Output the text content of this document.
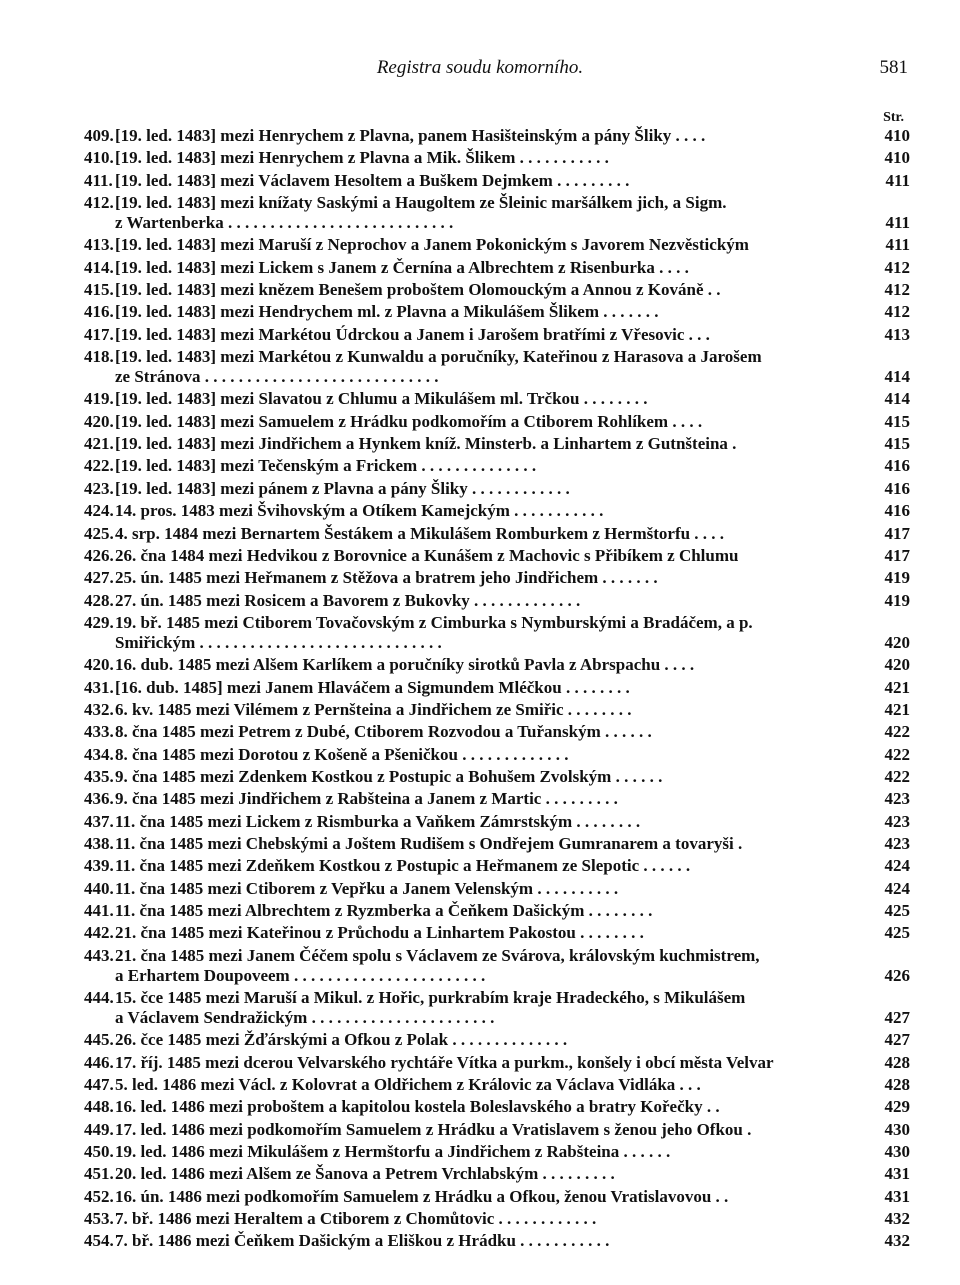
Registra soudu komorního.	581
Str.
409. [19. led. 1483] mezi Henrychem z Plavna, panem Hasišteinským a pány Šliky . . . .	410
410. [19. led. 1483] mezi Henrychem z Plavna a Mik. Šlikem . . . . . . . . . . .	410
411. [19. led. 1483] mezi Václavem Hesoltem a Buškem Dejmkem . . . . . . . . .	411
412. [19. led. 1483] mezi knížaty Saskými a Haugoltem ze Šleinic maršálkem jich, a Sigm.
z Wartenberka . . . . . . . . . . . . . . . . . . . . . . . . . . .	411
413. [19. led. 1483] mezi Maruší z Neprochov a Janem Pokonickým s Javorem Nezvěstickým	411
414. [19. led. 1483] mezi Lickem s Janem z Černína a Albrechtem z Risenburka . . . .	412
415. [19. led. 1483] mezi knězem Benešem proboštem Olomouckým a Annou z Kováně . .	412
416. [19. led. 1483] mezi Hendrychem ml. z Plavna a Mikulášem Šlikem . . . . . . .	412
417. [19. led. 1483] mezi Markétou Údrckou a Janem i Jarošem bratřími z Vřesovic . . .	413
418. [19. led. 1483] mezi Markétou z Kunwaldu a poručníky, Kateřinou z Harasova a Jarošem
ze Stránova . . . . . . . . . . . . . . . . . . . . . . . . . . . .	414
419. [19. led. 1483] mezi Slavatou z Chlumu a Mikulášem ml. Trčkou . . . . . . . .	414
420. [19. led. 1483] mezi Samuelem z Hrádku podkomořím a Ctiborem Rohlíkem . . . .	415
421. [19. led. 1483] mezi Jindřichem a Hynkem kníž. Minsterb. a Linhartem z Gutnšteina .	415
422. [19. led. 1483] mezi Tečenským a Frickem . . . . . . . . . . . . . .	416
423. [19. led. 1483] mezi pánem z Plavna a pány Šliky . . . . . . . . . . . .	416
424. 14. pros. 1483 mezi Švihovským a Otíkem Kamejckým . . . . . . . . . . .	416
425. 4. srp. 1484 mezi Bernartem Šestákem a Mikulášem Romburkem z Hermštorfu . . . .	417
426. 26. čna 1484 mezi Hedvikou z Borovnice a Kunášem z Machovic s Přibíkem z Chlumu	417
427. 25. ún. 1485 mezi Heřmanem z Stěžova a bratrem jeho Jindřichem . . . . . . .	419
428. 27. ún. 1485 mezi Rosicem a Bavorem z Bukovky . . . . . . . . . . . . .	419
429. 19. bř. 1485 mezi Ctiborem Tovačovským z Cimburka s Nymburskými a Bradáčem, a p.
Smiřickým . . . . . . . . . . . . . . . . . . . . . . . . . . . . .	420
420. 16. dub. 1485 mezi Alšem Karlíkem a poručníky sirotků Pavla z Abrspachu . . . .	420
431. [16. dub. 1485] mezi Janem Hlaváčem a Sigmundem Mléčkou . . . . . . . .	421
432. 6. kv. 1485 mezi Vilémem z Pernšteina a Jindřichem ze Smiřic . . . . . . . .	421
433. 8. čna 1485 mezi Petrem z Dubé, Ctiborem Rozvodou a Tuřanským . . . . . .	422
434. 8. čna 1485 mezi Dorotou z Košeně a Pšeničkou . . . . . . . . . . . . .	422
435. 9. čna 1485 mezi Zdenkem Kostkou z Postupic a Bohušem Zvolským . . . . . .	422
436. 9. čna 1485 mezi Jindřichem z Rabšteina a Janem z Martic . . . . . . . . .	423
437. 11. čna 1485 mezi Lickem z Rismburka a Vaňkem Zámrstským . . . . . . . .	423
438. 11. čna 1485 mezi Chebskými a Joštem Rudišem s Ondřejem Gumranarem a tovaryši .	423
439. 11. čna 1485 mezi Zdeňkem Kostkou z Postupic a Heřmanem ze Slepotic . . . . . .	424
440. 11. čna 1485 mezi Ctiborem z Vepřku a Janem Velenským . . . . . . . . . .	424
441. 11. čna 1485 mezi Albrechtem z Ryzmberka a Čeňkem Dašickým . . . . . . . .	425
442. 21. čna 1485 mezi Kateřinou z Průchodu a Linhartem Pakostou . . . . . . . .	425
443. 21. čna 1485 mezi Janem Čéčem spolu s Václavem ze Svárova, královským kuchmistrem,
a Erhartem Doupoveem . . . . . . . . . . . . . . . . . . . . . . .	426
444. 15. čce 1485 mezi Maruší a Mikul. z Hořic, purkrabím kraje Hradeckého, s Mikulášem
a Václavem Sendražickým . . . . . . . . . . . . . . . . . . . . . .	427
445. 26. čce 1485 mezi Žďárskými a Ofkou z Polak . . . . . . . . . . . . . .	427
446. 17. říj. 1485 mezi dcerou Velvarského rychtáře Vítka a purkm., konšely i obcí města Velvar	428
447. 5. led. 1486 mezi Václ. z Kolovrat a Oldřichem z Královic za Václava Vidláka . . .	428
448. 16. led. 1486 mezi proboštem a kapitolou kostela Boleslavského a bratry Kořečky . .	429
449. 17. led. 1486 mezi podkomořím Samuelem z Hrádku a Vratislavem s ženou jeho Ofkou .	430
450. 19. led. 1486 mezi Mikulášem z Hermštorfu a Jindřichem z Rabšteina . . . . . .	430
451. 20. led. 1486 mezi Alšem ze Šanova a Petrem Vrchlabským . . . . . . . . .	431
452. 16. ún. 1486 mezi podkomořím Samuelem z Hrádku a Ofkou, ženou Vratislavovou . .	431
453. 7. bř. 1486 mezi Heraltem a Ctiborem z Chomůtovic . . . . . . . . . . . .	432
454. 7. bř. 1486 mezi Čeňkem Dašickým a Eliškou z Hrádku . . . . . . . . . . .	432
